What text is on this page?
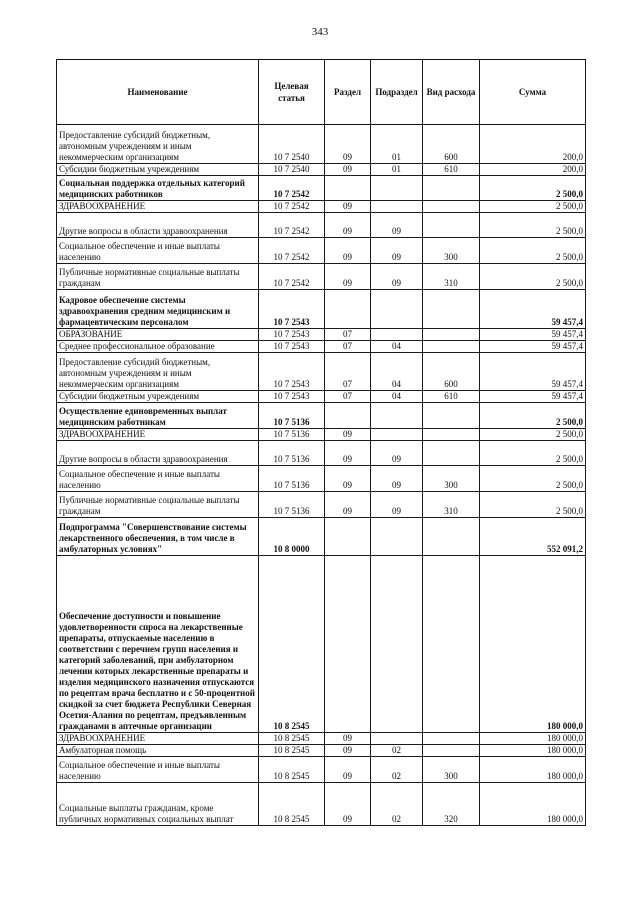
343
Наименование	Целевая статья	Раздел	Подраздел	Вид расхода	Сумма
Предоставление субсидий бюджетным, автономным учреждениям и иным некоммерческим организациям	10 7 2540	09	01	600	200,0
Субсидии бюджетным учреждениям	10 7 2540	09	01	610	200,0
Социальная поддержка отдельных категорий медицинских работников	10 7 2542				2 500,0
ЗДРАВООХРАНЕНИЕ	10 7 2542	09			2 500,0
Другие вопросы в области здравоохранения	10 7 2542	09	09		2 500,0
Социальное обеспечение и иные выплаты населению	10 7 2542	09	09	300	2 500,0
Публичные нормативные социальные выплаты гражданам	10 7 2542	09	09	310	2 500,0
Кадровое обеспечение системы здравоохранения средним медицинским и фармацевтическим персоналом	10 7 2543				59 457,4
ОБРАЗОВАНИЕ	10 7 2543	07			59 457,4
Среднее профессиональное образование	10 7 2543	07	04		59 457,4
Предоставление субсидий бюджетным, автономным учреждениям и иным некоммерческим организациям	10 7 2543	07	04	600	59 457,4
Субсидии бюджетным учреждениям	10 7 2543	07	04	610	59 457,4
Осуществление единовременных выплат медицинским работникам	10 7 5136				2 500,0
ЗДРАВООХРАНЕНИЕ	10 7 5136	09			2 500,0
Другие вопросы в области здравоохранения	10 7 5136	09	09		2 500,0
Социальное обеспечение и иные выплаты населению	10 7 5136	09	09	300	2 500,0
Публичные нормативные социальные выплаты гражданам	10 7 5136	09	09	310	2 500,0
Подпрограмма "Совершенствование системы лекарственного обеспечения, в том числе в амбулаторных условиях"	10 8 0000				552 091,2
Обеспечение доступности и повышение удовлетворенности спроса на лекарственные препараты, отпускаемые населению в соответствии с перечнем групп населения и категорий заболеваний, при амбулаторном лечении которых лекарственные препараты и изделия медицинского назначения отпускаются по рецептам врача бесплатно и с 50-процентной скидкой за счет бюджета Республики Северная Осетия-Алания по рецептам, предъявленным гражданами в аптечные организации	10 8 2545				180 000,0
ЗДРАВООХРАНЕНИЕ	10 8 2545	09			180 000,0
Амбулаторная помощь	10 8 2545	09	02		180 000,0
Социальное обеспечение и иные выплаты населению	10 8 2545	09	02	300	180 000,0
Социальные выплаты гражданам, кроме публичных нормативных социальных выплат	10 8 2545	09	02	320	180 000,0
